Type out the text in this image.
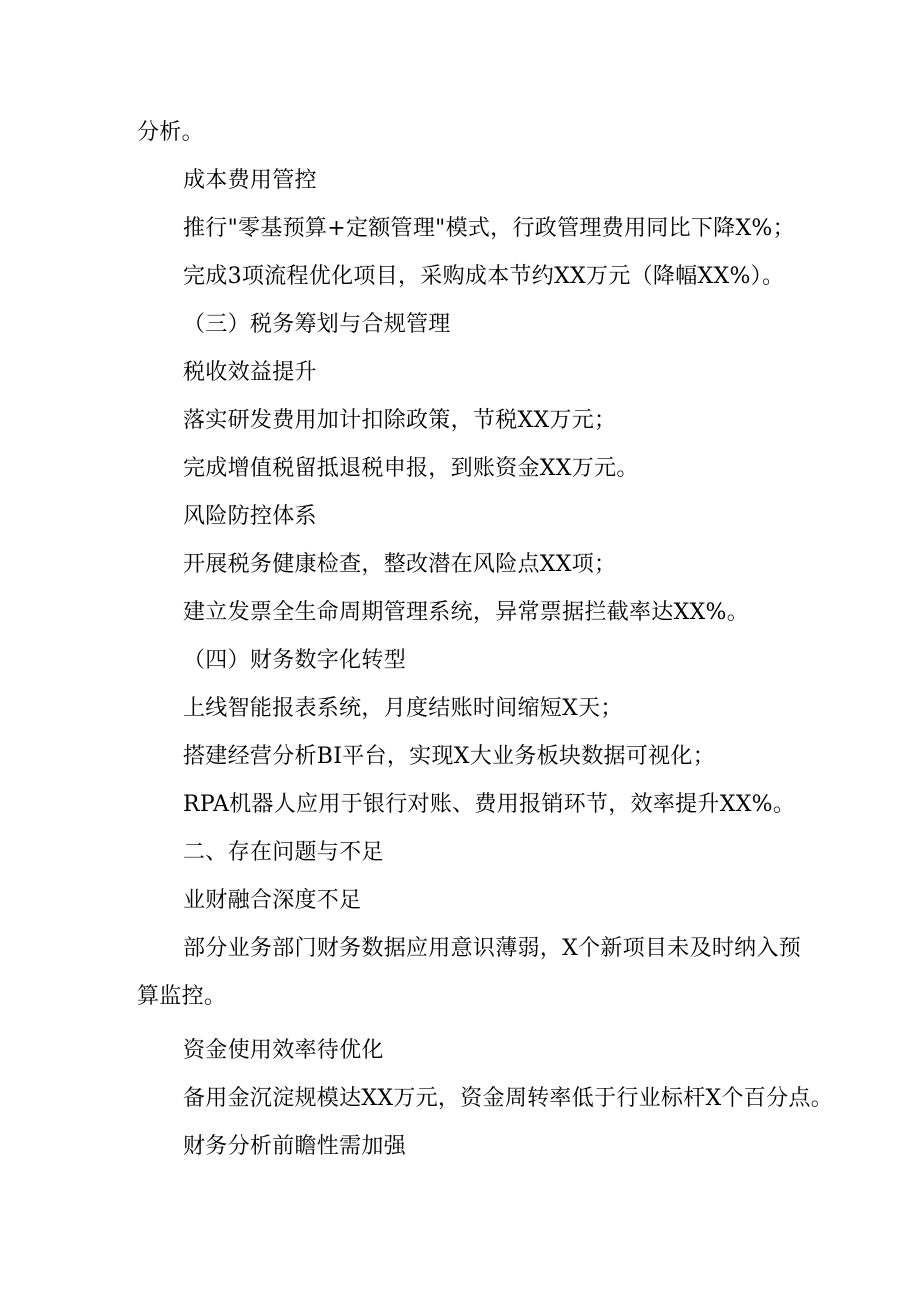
分析。

成本费用管控

推行"零基预算+定额管理"模式，行政管理费用同比下降X%；

完成3项流程优化项目，采购成本节约XX万元（降幅XX%）。

（三）税务筹划与合规管理

税收效益提升

落实研发费用加计扣除政策，节税XX万元；

完成增值税留抵退税申报，到账资金XX万元。

风险防控体系

开展税务健康检查，整改潜在风险点XX项；

建立发票全生命周期管理系统，异常票据拦截率达XX%。

（四）财务数字化转型

上线智能报表系统，月度结账时间缩短X天；

搭建经营分析BI平台，实现X大业务板块数据可视化；

RPA机器人应用于银行对账、费用报销环节，效率提升XX%。

二、存在问题与不足

业财融合深度不足

部分业务部门财务数据应用意识薄弱，X个新项目未及时纳入预

算监控。

资金使用效率待优化

备用金沉淀规模达XX万元，资金周转率低于行业标杆X个百分点。

财务分析前瞻性需加强
